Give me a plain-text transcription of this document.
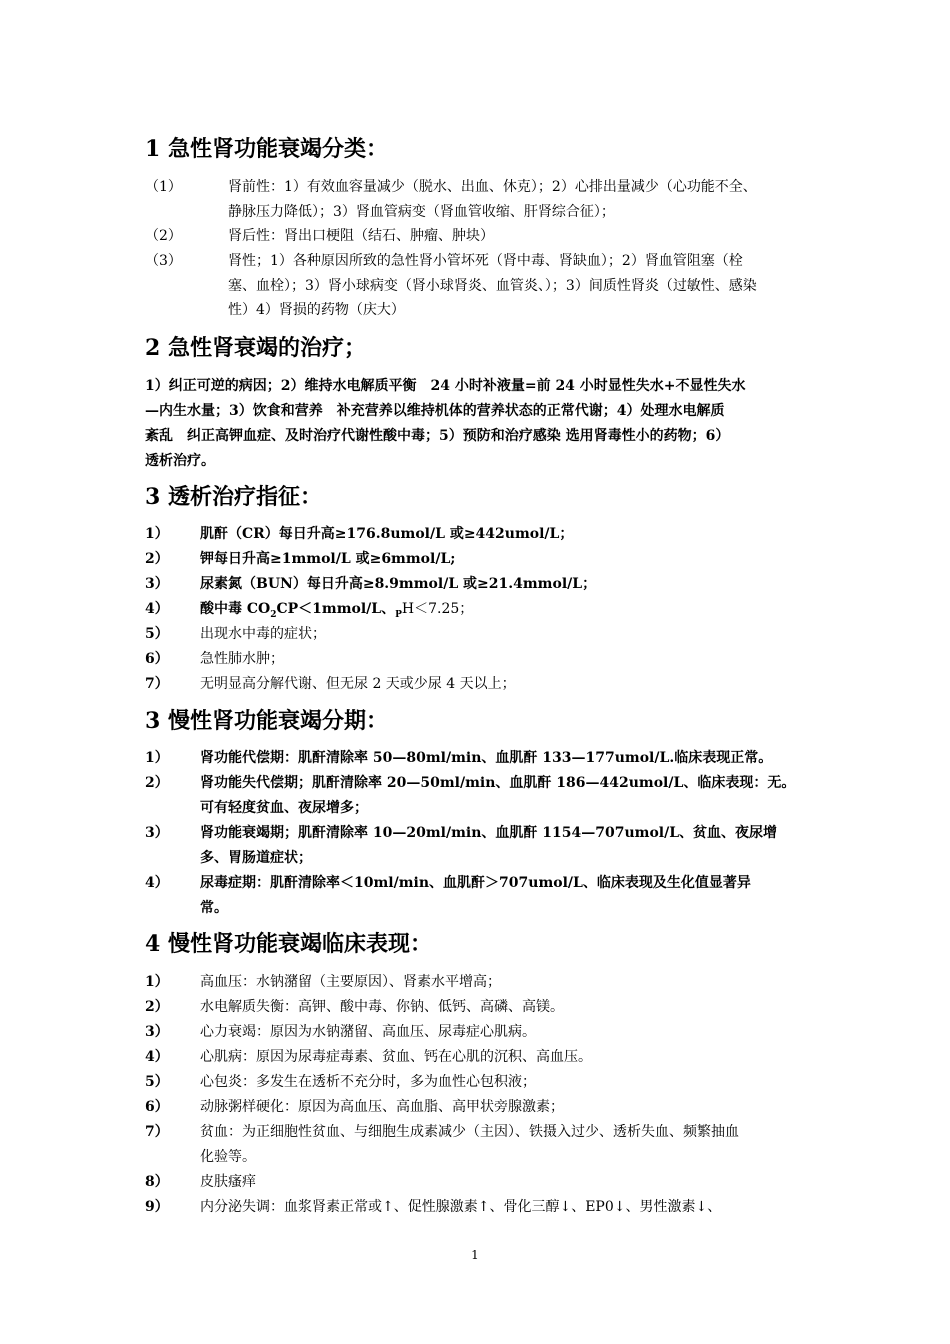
1 急性肾功能衰竭分类：
（1）	肾前性：1）有效血容量减少（脱水、出血、休克）；2）心排出量减少（心功能不全、
静脉压力降低）；3）肾血管病变（肾血管收缩、肝肾综合征）；
（2）	肾后性：肾出口梗阻（结石、肿瘤、肿块）
（3）	肾性；1）各种原因所致的急性肾小管坏死（肾中毒、肾缺血）；2）肾血管阻塞（栓
塞、血栓）；3）肾小球病变（肾小球肾炎、血管炎、）；3）间质性肾炎（过敏性、感染
性）4）肾损的药物（庆大）
2 急性肾衰竭的治疗；
1）纠正可逆的病因；2）维持水电解质平衡　24 小时补液量=前 24 小时显性失水+不显性失水
—内生水量；3）饮食和营养　补充营养以维持机体的营养状态的正常代谢；4）处理水电解质
紊乱　纠正高钾血症、及时治疗代谢性酸中毒；5）预防和治疗感染 选用肾毒性小的药物；6）
透析治疗。
3 透析治疗指征：
1）	肌酐（CR）每日升高≥176.8umol/L 或≥442umol/L；
2）	钾每日升高≥1mmol/L 或≥6mmol/L;
3）	尿素氮（BUN）每日升高≥8.9mmol/L 或≥21.4mmol/L；
4）	酸中毒 $CO_2CP<1mmol/L$、$_P$H＜7.25；
5）	出现水中毒的症状；
6）	急性肺水肿；
7）	无明显高分解代谢、但无尿 2 天或少尿 4 天以上；
3 慢性肾功能衰竭分期：
1）	肾功能代偿期：肌酐清除率 50—80ml/min、血肌酐 133—177umol/L.临床表现正常。
2）	肾功能失代偿期；肌酐清除率 20—50ml/min、血肌酐 186—442umol/L、临床表现：无。
可有轻度贫血、夜尿增多；
3）	肾功能衰竭期；肌酐清除率 10—20ml/min、血肌酐 1154—707umol/L、贫血、夜尿增
多、胃肠道症状；
4）	尿毒症期：肌酐清除率＜10ml/min、血肌酐＞707umol/L、临床表现及生化值显著异
常。
4 慢性肾功能衰竭临床表现：
1）	高血压：水钠潴留（主要原因）、肾素水平增高；
2）	水电解质失衡：高钾、酸中毒、你钠、低钙、高磷、高镁。
3）	心力衰竭：原因为水钠潴留、高血压、尿毒症心肌病。
4）	心肌病：原因为尿毒症毒素、贫血、钙在心肌的沉积、高血压。
5）	心包炎：多发生在透析不充分时，多为血性心包积液；
6）	动脉粥样硬化：原因为高血压、高血脂、高甲状旁腺激素；
7）	贫血：为正细胞性贫血、与细胞生成素减少（主因）、铁摄入过少、透析失血、频繁抽血
化验等。
8）	皮肤瘙痒
9）	内分泌失调：血浆肾素正常或↑、促性腺激素↑、骨化三醇↓、EP0↓、男性激素↓、
1
